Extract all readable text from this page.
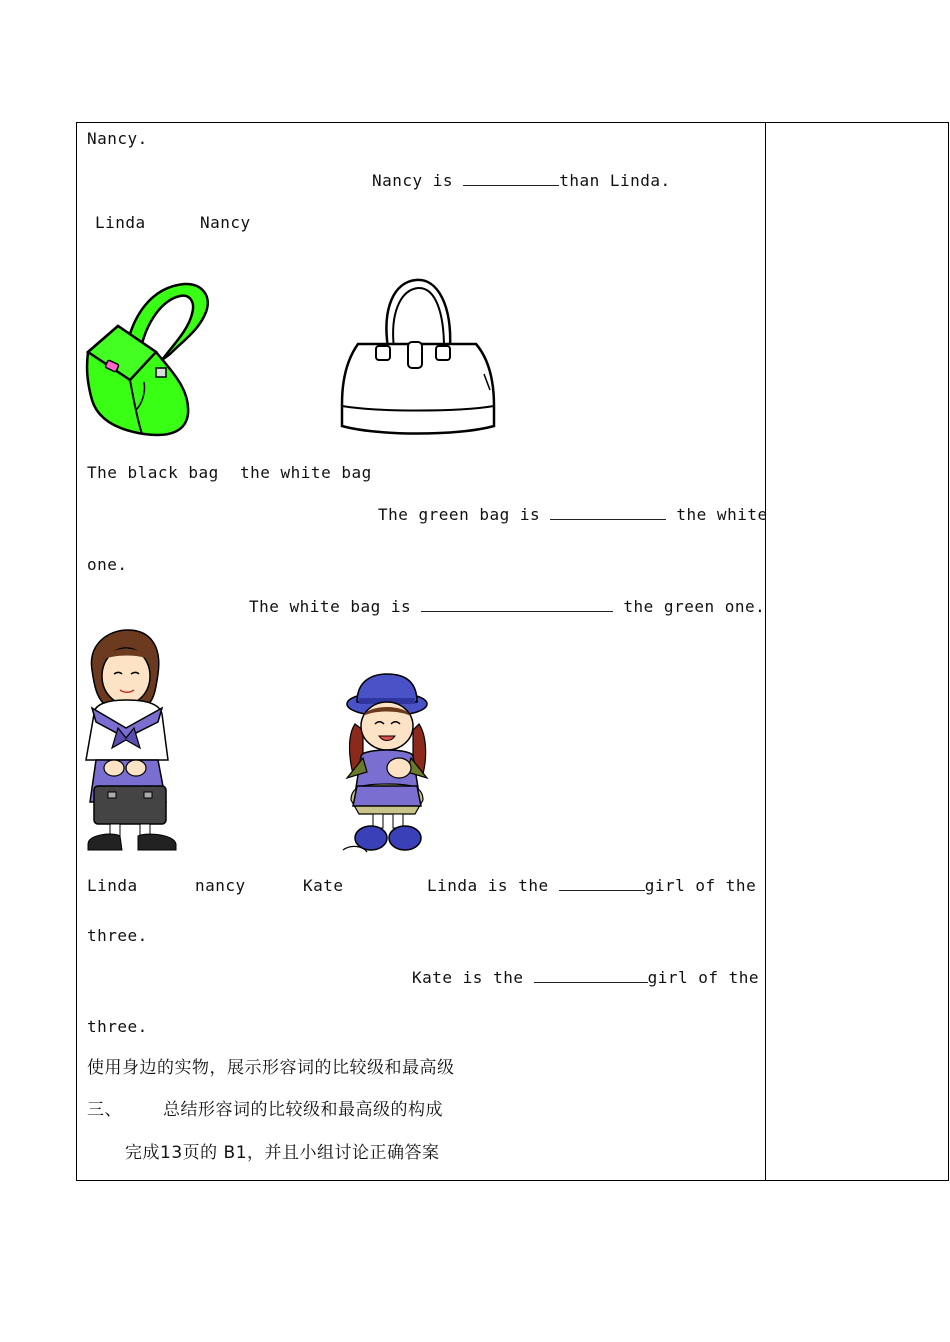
Nancy.
Nancy is	than Linda.
Linda	Nancy
The black bag the white bag
The green bag is	the white
one.
The white bag is	the green one.
Linda	nancy	Kate	Linda is the	girl of the
three.
Kate is the	girl of the
three.
使用身边的实物，展示形容词的比较级和最高级
三、 总结形容词的比较级和最高级的构成
完成13页的 B1，并且小组讨论正确答案
